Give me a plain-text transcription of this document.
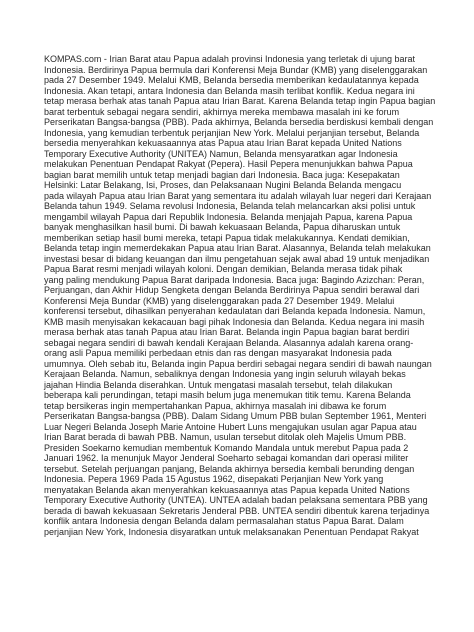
KOMPAS.com - Irian Barat atau Papua adalah provinsi Indonesia yang terletak di ujung barat
Indonesia. Berdirinya Papua bermula dari Konferensi Meja Bundar (KMB) yang diselenggarakan
pada 27 Desember 1949. Melalui KMB, Belanda bersedia memberikan kedaulatannya kepada
Indonesia. Akan tetapi, antara Indonesia dan Belanda masih terlibat konflik. Kedua negara ini
tetap merasa berhak atas tanah Papua atau Irian Barat. Karena Belanda tetap ingin Papua bagian
barat terbentuk sebagai negara sendiri, akhirnya mereka membawa masalah ini ke forum
Perserikatan Bangsa-bangsa (PBB). Pada akhirnya, Belanda bersedia berdiskusi kembali dengan
Indonesia, yang kemudian terbentuk perjanjian New York. Melalui perjanjian tersebut, Belanda
bersedia menyerahkan kekuasaannya atas Papua atau Irian Barat kepada United Nations
Temporary Executive Authority (UNITEA) Namun, Belanda mensyaratkan agar Indonesia
melakukan Penentuan Pendapat Rakyat (Pepera). Hasil Pepera menunjukkan bahwa Papua
bagian barat memilih untuk tetap menjadi bagian dari Indonesia. Baca juga: Kesepakatan
Helsinki: Latar Belakang, Isi, Proses, dan Pelaksanaan Nugini Belanda Belanda mengacu
pada wilayah Papua atau Irian Barat yang sementara itu adalah wilayah luar negeri dari Kerajaan
Belanda tahun 1949. Selama revolusi Indonesia, Belanda telah melancarkan aksi polisi untuk
mengambil wilayah Papua dari Republik Indonesia. Belanda menjajah Papua, karena Papua
banyak menghasilkan hasil bumi. Di bawah kekuasaan Belanda, Papua diharuskan untuk
memberikan setiap hasil bumi mereka, tetapi Papua tidak melakukannya. Kendati demikian,
Belanda tetap ingin memerdekakan Papua atau Irian Barat. Alasannya, Belanda telah melakukan
investasi besar di bidang keuangan dan ilmu pengetahuan sejak awal abad 19 untuk menjadikan
Papua Barat resmi menjadi wilayah koloni. Dengan demikian, Belanda merasa tidak pihak
yang paling mendukung Papua Barat daripada Indonesia. Baca juga: Bagindo Azizchan: Peran,
Perjuangan, dan Akhir Hidup Sengketa dengan Belanda Berdirinya Papua sendiri berawal dari
Konferensi Meja Bundar (KMB) yang diselenggarakan pada 27 Desember 1949. Melalui
konferensi tersebut, dihasilkan penyerahan kedaulatan dari Belanda kepada Indonesia. Namun,
KMB masih menyisakan kekacauan bagi pihak Indonesia dan Belanda. Kedua negara ini masih
merasa berhak atas tanah Papua atau Irian Barat. Belanda ingin Papua bagian barat berdiri
sebagai negara sendiri di bawah kendali Kerajaan Belanda. Alasannya adalah karena orang-
orang asli Papua memiliki perbedaan etnis dan ras dengan masyarakat Indonesia pada
umumnya. Oleh sebab itu, Belanda ingin Papua berdiri sebagai negara sendiri di bawah naungan
Kerajaan Belanda. Namun, sebaliknya dengan Indonesia yang ingin seluruh wilayah bekas
jajahan Hindia Belanda diserahkan. Untuk mengatasi masalah tersebut, telah dilakukan
beberapa kali perundingan, tetapi masih belum juga menemukan titik temu. Karena Belanda
tetap bersikeras ingin mempertahankan Papua, akhirnya masalah ini dibawa ke forum
Perserikatan Bangsa-bangsa (PBB). Dalam Sidang Umum PBB bulan September 1961, Menteri
Luar Negeri Belanda Joseph Marie Antoine Hubert Luns mengajukan usulan agar Papua atau
Irian Barat berada di bawah PBB. Namun, usulan tersebut ditolak oleh Majelis Umum PBB.
Presiden Soekarno kemudian membentuk Komando Mandala untuk merebut Papua pada 2
Januari 1962. Ia menunjuk Mayor Jenderal Soeharto sebagai komandan dari operasi militer
tersebut. Setelah perjuangan panjang, Belanda akhirnya bersedia kembali berunding dengan
Indonesia. Pepera 1969 Pada 15 Agustus 1962, disepakati Perjanjian New York yang
menyatakan Belanda akan menyerahkan kekuasaannya atas Papua kepada United Nations
Temporary Executive Authority (UNTEA). UNTEA adalah badan pelaksana sementara PBB yang
berada di bawah kekuasaan Sekretaris Jenderal PBB. UNTEA sendiri dibentuk karena terjadinya
konflik antara Indonesia dengan Belanda dalam permasalahan status Papua Barat. Dalam
perjanjian New York, Indonesia disyaratkan untuk melaksanakan Penentuan Pendapat Rakyat
